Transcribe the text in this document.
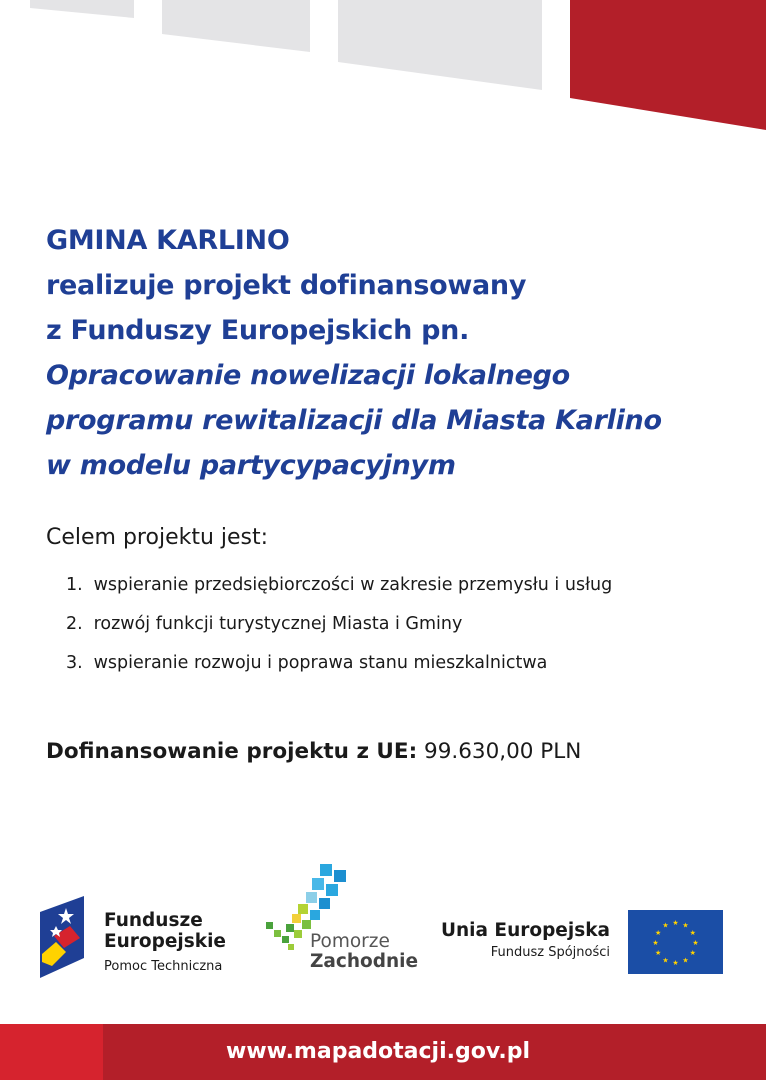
GMINA KARLINO
realizuje projekt dofinansowany
z Funduszy Europejskich pn.
Opracowanie nowelizacji lokalnego
programu rewitalizacji dla Miasta Karlino
w modelu partycypacyjnym

Celem projektu jest:

1. wspieranie przedsiębiorczości w zakresie przemysłu i usług
2. rozwój funkcji turystycznej Miasta i Gminy
3. wspieranie rozwoju i poprawa stanu mieszkalnictwa
Dofinansowanie projektu z UE: 99.630,00 PLN
Fundusze
Europejskie
Pomoc Techniczna
Pomorze
Zachodnie
Unia Europejska
Fundusz Spójności
★ ★
★
★
★
★
★
★
★
★
★
★
www.mapadotacji.gov.pl
